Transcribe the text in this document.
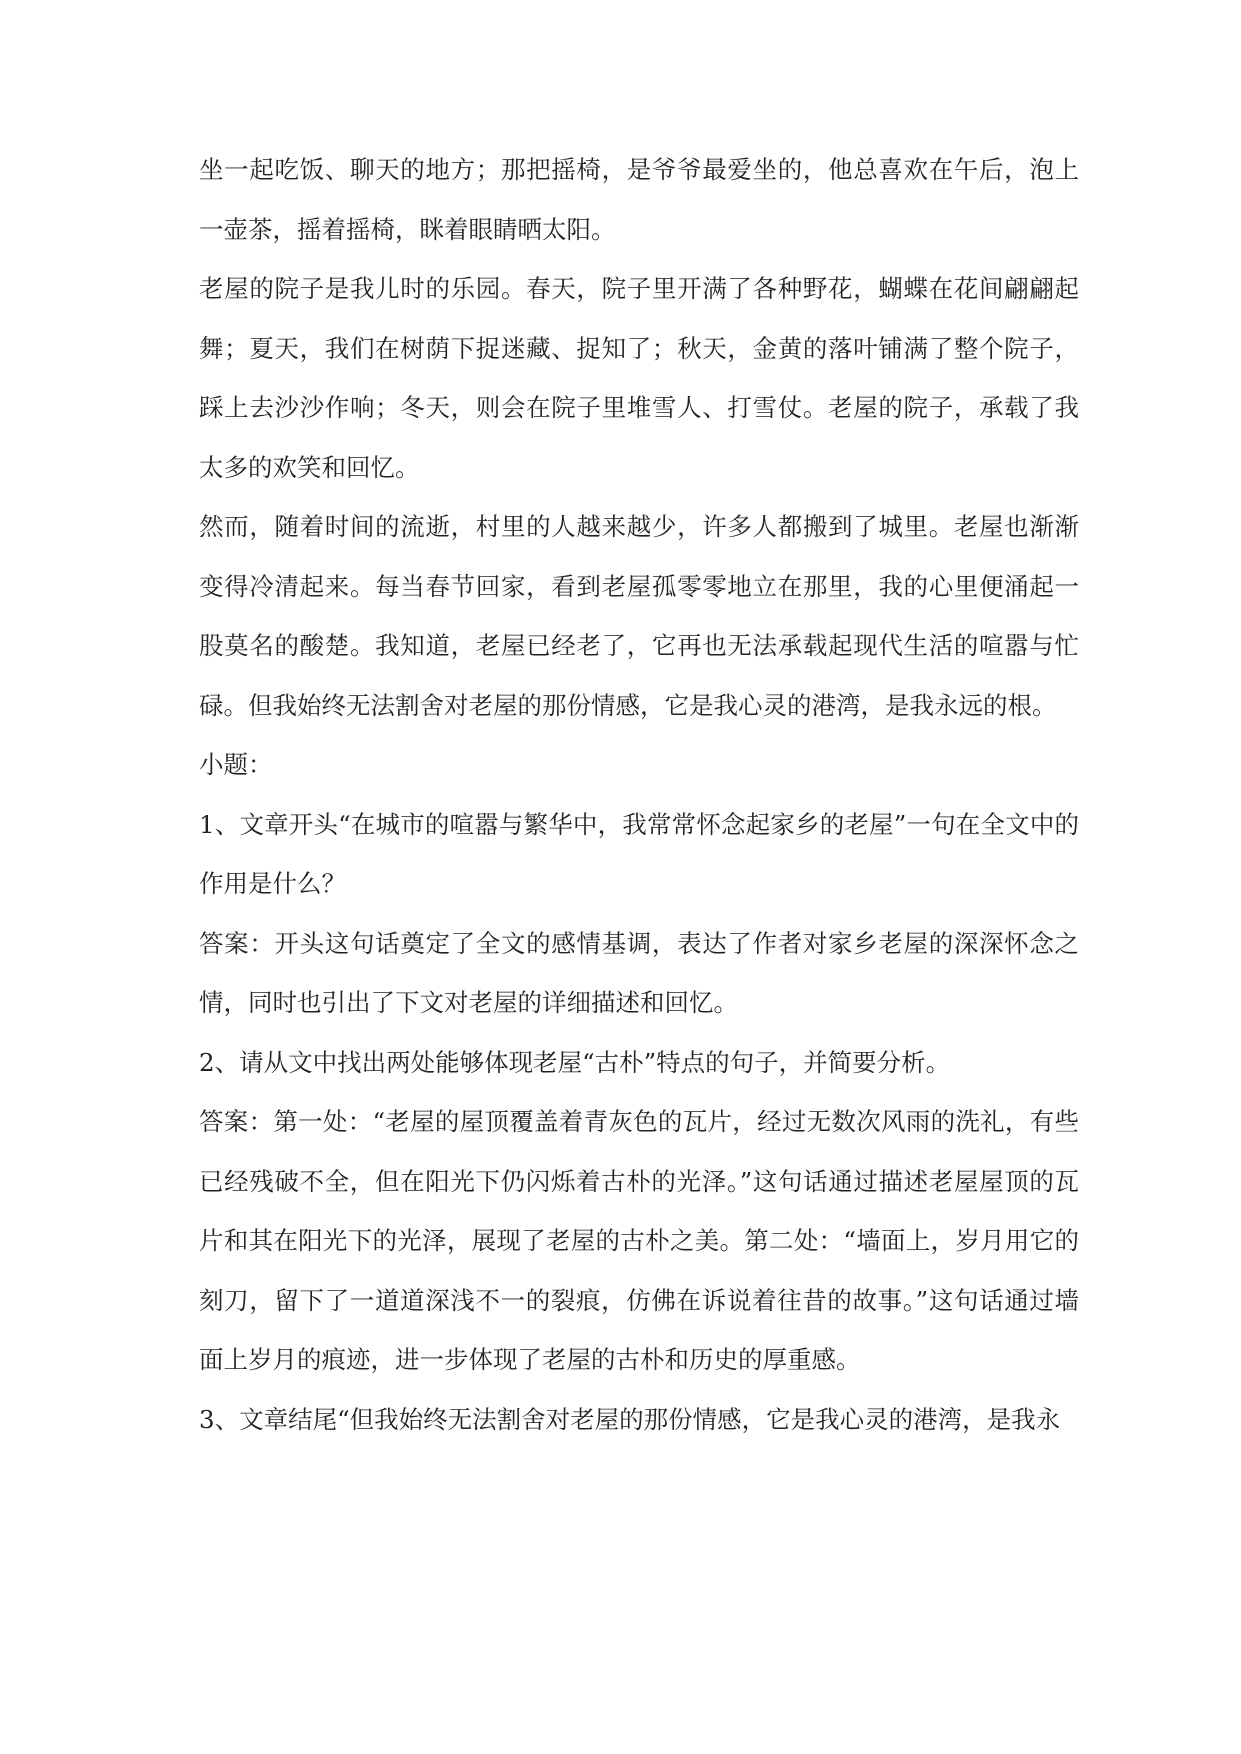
坐一起吃饭、聊天的地方；那把摇椅，是爷爷最爱坐的，他总喜欢在午后，泡上一壶茶，摇着摇椅，眯着眼睛晒太阳。

老屋的院子是我儿时的乐园。春天，院子里开满了各种野花，蝴蝶在花间翩翩起舞；夏天，我们在树荫下捉迷藏、捉知了；秋天，金黄的落叶铺满了整个院子，踩上去沙沙作响；冬天，则会在院子里堆雪人、打雪仗。老屋的院子，承载了我太多的欢笑和回忆。

然而，随着时间的流逝，村里的人越来越少，许多人都搬到了城里。老屋也渐渐变得冷清起来。每当春节回家，看到老屋孤零零地立在那里，我的心里便涌起一股莫名的酸楚。我知道，老屋已经老了，它再也无法承载起现代生活的喧嚣与忙碌。但我始终无法割舍对老屋的那份情感，它是我心灵的港湾，是我永远的根。

小题：

1、文章开头“在城市的喧嚣与繁华中，我常常怀念起家乡的老屋”一句在全文中的作用是什么？

答案：开头这句话奠定了全文的感情基调，表达了作者对家乡老屋的深深怀念之情，同时也引出了下文对老屋的详细描述和回忆。

2、请从文中找出两处能够体现老屋“古朴”特点的句子，并简要分析。

答案：第一处：“老屋的屋顶覆盖着青灰色的瓦片，经过无数次风雨的洗礼，有些已经残破不全，但在阳光下仍闪烁着古朴的光泽。”这句话通过描述老屋屋顶的瓦片和其在阳光下的光泽，展现了老屋的古朴之美。第二处：“墙面上，岁月用它的刻刀，留下了一道道深浅不一的裂痕，仿佛在诉说着往昔的故事。”这句话通过墙面上岁月的痕迹，进一步体现了老屋的古朴和历史的厚重感。

3、文章结尾“但我始终无法割舍对老屋的那份情感，它是我心灵的港湾，是我永
